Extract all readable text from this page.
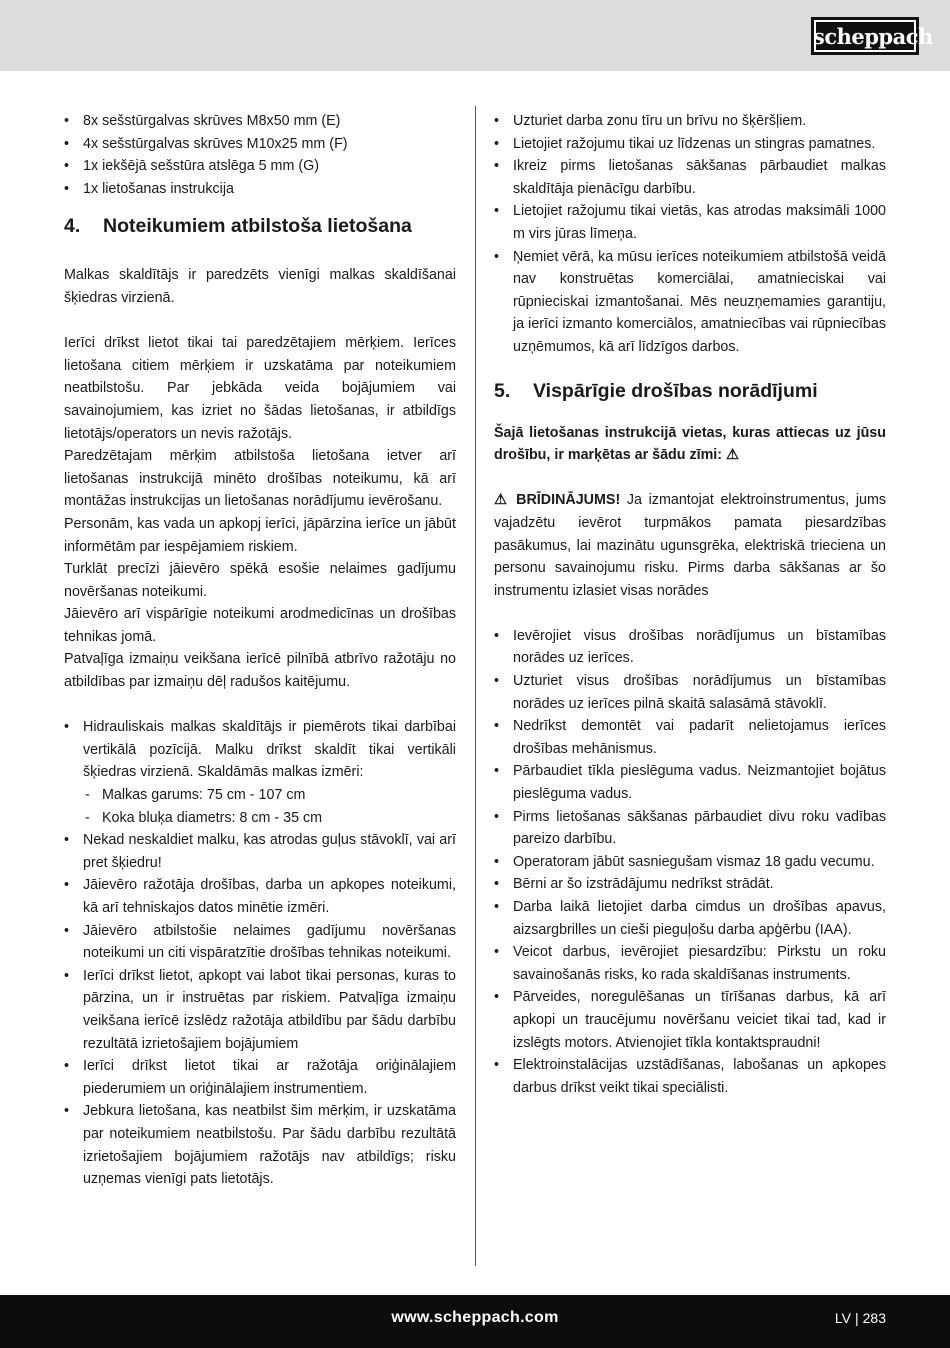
scheppach
• 8x sešstūrgalvas skrūves M8x50 mm (E)
• 4x sešstūrgalvas skrūves M10x25 mm (F)
• 1x iekšējā sešstūra atslēga 5 mm (G)
• 1x lietošanas instrukcija
4. Noteikumiem atbilstoša lietošana

Malkas skaldītājs ir paredzēts vienīgi malkas skaldīšanai šķiedras virzienā.

Ierīci drīkst lietot tikai tai paredzētajiem mērķiem. Ierīces lietošana citiem mērķiem ir uzskatāma par noteikumiem neatbilstošu. Par jebkāda veida bojājumiem vai savainojumiem, kas izriet no šādas lietošanas, ir atbildīgs lietotājs/operators un nevis ražotājs.

Paredzētajam mērķim atbilstoša lietošana ietver arī lietošanas instrukcijā minēto drošības noteikumu, kā arī montāžas instrukcijas un lietošanas norādījumu ievērošanu.

Personām, kas vada un apkopj ierīci, jāpārzina ierīce un jābūt informētām par iespējamiem riskiem.

Turklāt precīzi jāievēro spēkā esošie nelaimes gadījumu novēršanas noteikumi.

Jāievēro arī vispārīgie noteikumi arodmedicīnas un drošības tehnikas jomā.

Patvaļīga izmaiņu veikšana ierīcē pilnībā atbrīvo ražotāju no atbildības par izmaiņu dēļ radušos kaitējumu.

• Hidrauliskais malkas skaldītājs ir piemērots tikai darbībai vertikālā pozīcijā. Malku drīkst skaldīt tikai vertikāli šķiedras virzienā. Skaldāmās malkas izmēri:
- Malkas garums: 75 cm - 107 cm
- Koka bluķa diametrs: 8 cm - 35 cm
• Nekad neskaldiet malku, kas atrodas guļus stāvoklī, vai arī pret šķiedru!
• Jāievēro ražotāja drošības, darba un apkopes noteikumi, kā arī tehniskajos datos minētie izmēri.
• Jāievēro atbilstošie nelaimes gadījumu novēršanas noteikumi un citi vispāratzītie drošības tehnikas noteikumi.
• Ierīci drīkst lietot, apkopt vai labot tikai personas, kuras to pārzina, un ir instruētas par riskiem. Patvaļīga izmaiņu veikšana ierīcē izslēdz ražotāja atbildību par šādu darbību rezultātā izrietošajiem bojājumiem
• Ierīci drīkst lietot tikai ar ražotāja oriģinālajiem piederumiem un oriģinālajiem instrumentiem.
• Jebkura lietošana, kas neatbilst šim mērķim, ir uzskatāma par noteikumiem neatbilstošu. Par šādu darbību rezultātā izrietošajiem bojājumiem ražotājs nav atbildīgs; risku uzņemas vienīgi pats lietotājs.
• Uzturiet darba zonu tīru un brīvu no šķēršļiem.
• Lietojiet ražojumu tikai uz līdzenas un stingras pamatnes.
• Ikreiz pirms lietošanas sākšanas pārbaudiet malkas skaldītāja pienācīgu darbību.
• Lietojiet ražojumu tikai vietās, kas atrodas maksimāli 1000 m virs jūras līmeņa.
• Ņemiet vērā, ka mūsu ierīces noteikumiem atbilstošā veidā nav konstruētas komerciālai, amatnieciskai vai rūpnieciskai izmantošanai. Mēs neuzņemamies garantiju, ja ierīci izmanto komerciālos, amatniecības vai rūpniecības uzņēmumos, kā arī līdzīgos darbos.
5. Vispārīgie drošības norādījumi

Šajā lietošanas instrukcijā vietas, kuras attiecas uz jūsu drošību, ir marķētas ar šādu zīmi: ⚠

⚠ BRĪDINĀJUMS! Ja izmantojat elektroinstrumentus, jums vajadzētu ievērot turpmākos pamata piesardzības pasākumus, lai mazinātu ugunsgrēka, elektriskā trieciena un personu savainojumu risku. Pirms darba sākšanas ar šo instrumentu izlasiet visas norādes

• Ievērojiet visus drošības norādījumus un bīstamības norādes uz ierīces.
• Uzturiet visus drošības norādījumus un bīstamības norādes uz ierīces pilnā skaitā salasāmā stāvoklī.
• Nedrīkst demontēt vai padarīt nelietojamus ierīces drošības mehānismus.
• Pārbaudiet tīkla pieslēguma vadus. Neizmantojiet bojātus pieslēguma vadus.
• Pirms lietošanas sākšanas pārbaudiet divu roku vadības pareizo darbību.
• Operatoram jābūt sasniegušam vismaz 18 gadu vecumu.
• Bērni ar šo izstrādājumu nedrīkst strādāt.
• Darba laikā lietojiet darba cimdus un drošības apavus, aizsargbrilles un cieši pieguļošu darba apģērbu (IAA).
• Veicot darbus, ievērojiet piesardzību: Pirkstu un roku savainošanās risks, ko rada skaldīšanas instruments.
• Pārveides, noregulēšanas un tīrīšanas darbus, kā arī apkopi un traucējumu novēršanu veiciet tikai tad, kad ir izslēgts motors. Atvienojiet tīkla kontaktspraudni!
• Elektroinstalācijas uzstādīšanas, labošanas un apkopes darbus drīkst veikt tikai speciālisti.
www.scheppach.com	LV | 283
